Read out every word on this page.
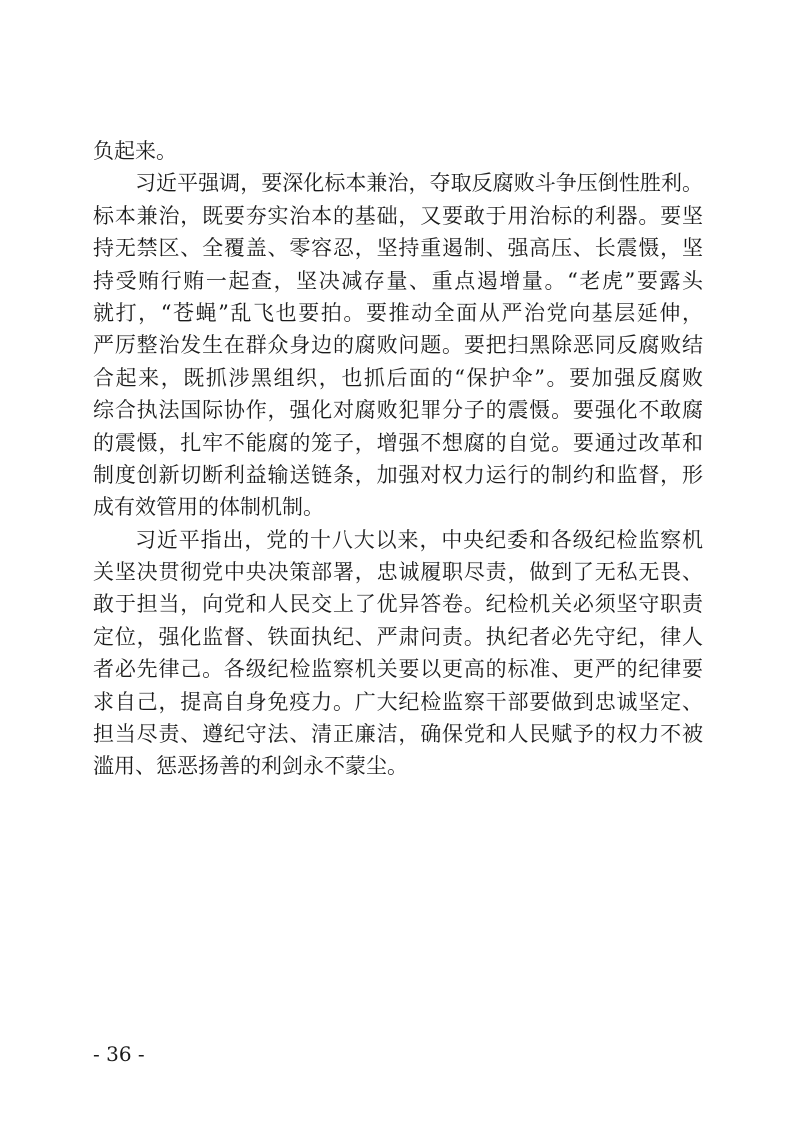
负起来。
习近平强调，要深化标本兼治，夺取反腐败斗争压倒性胜利。
标本兼治，既要夯实治本的基础，又要敢于用治标的利器。要坚
持无禁区、全覆盖、零容忍，坚持重遏制、强高压、长震慑，坚
持受贿行贿一起查，坚决减存量、重点遏增量。“老虎”要露头
就打，“苍蝇”乱飞也要拍。要推动全面从严治党向基层延伸，
严厉整治发生在群众身边的腐败问题。要把扫黑除恶同反腐败结
合起来，既抓涉黑组织，也抓后面的“保护伞”。要加强反腐败
综合执法国际协作，强化对腐败犯罪分子的震慑。要强化不敢腐
的震慑，扎牢不能腐的笼子，增强不想腐的自觉。要通过改革和
制度创新切断利益输送链条，加强对权力运行的制约和监督，形
成有效管用的体制机制。
习近平指出，党的十八大以来，中央纪委和各级纪检监察机
关坚决贯彻党中央决策部署，忠诚履职尽责，做到了无私无畏、
敢于担当，向党和人民交上了优异答卷。纪检机关必须坚守职责
定位，强化监督、铁面执纪、严肃问责。执纪者必先守纪，律人
者必先律己。各级纪检监察机关要以更高的标准、更严的纪律要
求自己，提高自身免疫力。广大纪检监察干部要做到忠诚坚定、
担当尽责、遵纪守法、清正廉洁，确保党和人民赋予的权力不被
滥用、惩恶扬善的利剑永不蒙尘。
- 36 -
